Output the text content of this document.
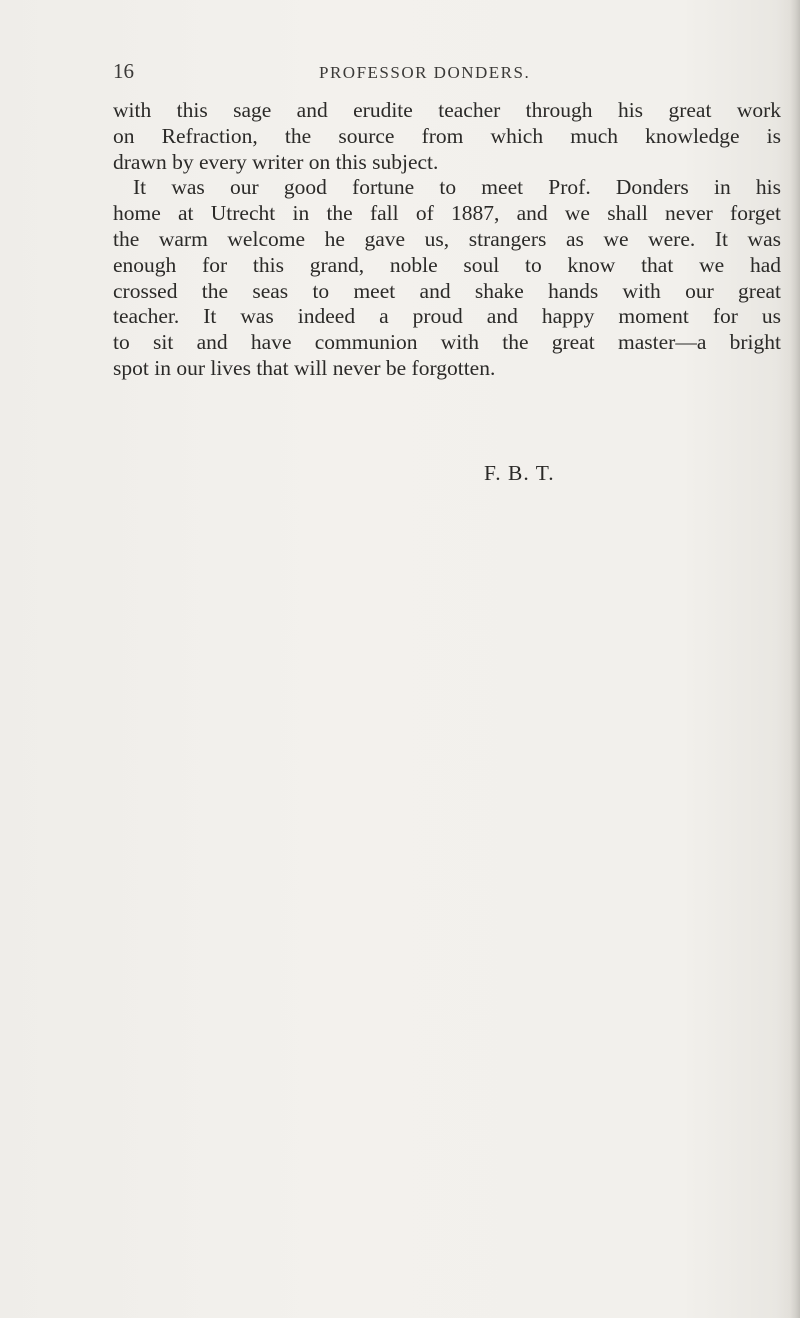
16	PROFESSOR DONDERS.
with this sage and erudite teacher through his great work
on Refraction, the source from which much knowledge is
drawn by every writer on this subject.
It was our good fortune to meet Prof. Donders in his
home at Utrecht in the fall of 1887, and we shall never forget
the warm welcome he gave us, strangers as we were. It was
enough for this grand, noble soul to know that we had
crossed the seas to meet and shake hands with our great
teacher. It was indeed a proud and happy moment for us
to sit and have communion with the great master—a bright
spot in our lives that will never be forgotten.
F. B. T.
